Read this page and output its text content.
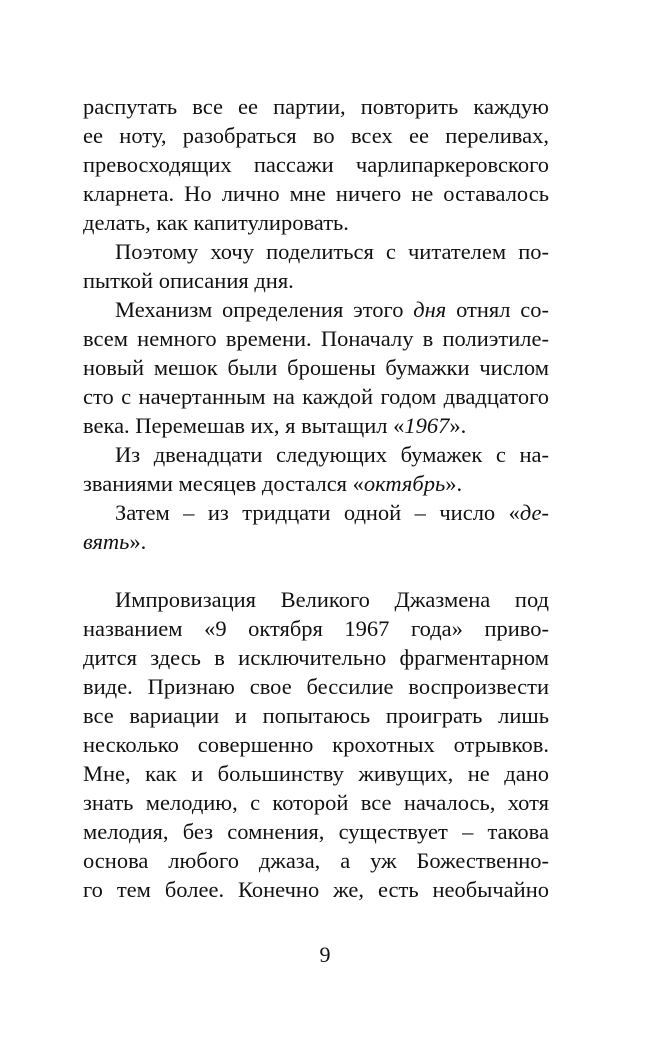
распутать все ее партии, повторить каждую
ее ноту, разобраться во всех ее переливах,
превосходящих пассажи чарлипаркеровского
кларнета. Но лично мне ничего не оставалось
делать, как капитулировать.
Поэтому хочу поделиться с читателем по-
пыткой описания дня.
Механизм определения этого дня отнял со-
всем немного времени. Поначалу в полиэтиле-
новый мешок были брошены бумажки числом
сто с начертанным на каждой годом двадцатого
века. Перемешав их, я вытащил «1967».
Из двенадцати следующих бумажек с на-
званиями месяцев достался «октябрь».
Затем – из тридцати одной – число «де-
вять».
Импровизация Великого Джазмена под
названием «9 октября 1967 года» приво-
дится здесь в исключительно фрагментарном
виде. Признаю свое бессилие воспроизвести
все вариации и попытаюсь проиграть лишь
несколько совершенно крохотных отрывков.
Мне, как и большинству живущих, не дано
знать мелодию, с которой все началось, хотя
мелодия, без сомнения, существует – такова
основа любого джаза, а уж Божественно-
го тем более. Конечно же, есть необычайно
9
